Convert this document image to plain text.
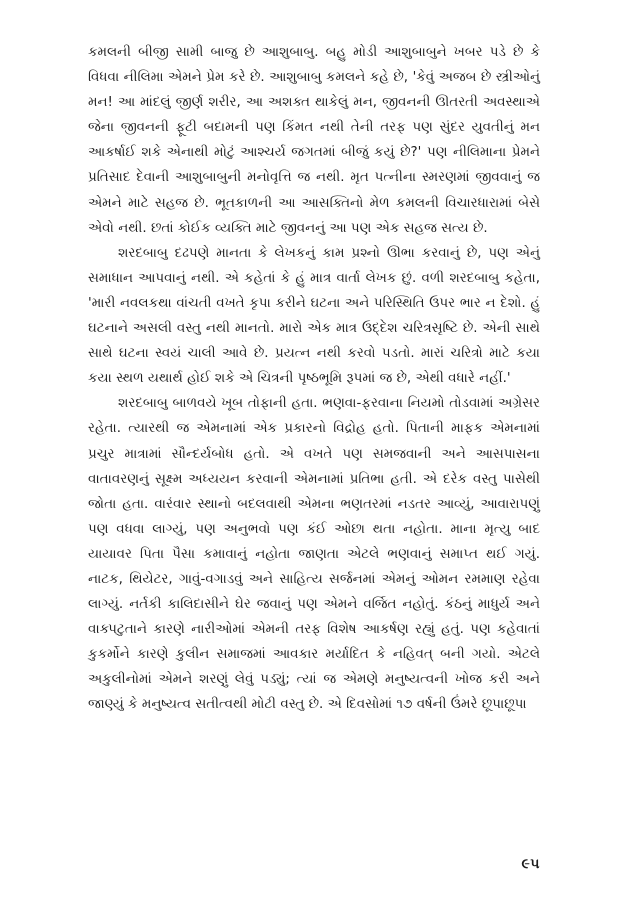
કમલની બીજી સામી બાજુ છે આશુબાબુ. બહુ મોડી આશુબાબુને ખબર પડે છે કે વિધવા નીલિમા એમને પ્રેમ કરે છે. આશુબાબુ કમલને કહે છે, 'કેવું અજબ છે સ્ત્રીઓનું મન! આ માંદલું જીર્ણ શરીર, આ અશક્ત થાકેલું મન, જીવનની ઊતરતી અવસ્થાએ જેના જીવનની ફૂટી બદામની પણ કિંમત નથી તેની તરફ પણ સુંદર યુવતીનું મન આકર્ષાઈ શકે એનાથી મોટું આશ્ચર્ય જગતમાં બીજું કયું છે?' પણ નીલિમાના પ્રેમને પ્રતિસાદ દેવાની આશુબાબુની મનોવૃત્તિ જ નથી. મૃત પત્નીના સ્મરણમાં જીવવાનું જ એમને માટે સહજ છે. ભૂતકાળની આ આસક્તિનો મેળ કમલની વિચારધારામાં બેસે એવો નથી. છતાં કોઈક વ્યક્તિ માટે જીવનનું આ પણ એક સહજ સત્ય છે.

શરદબાબુ દઢપણે માનતા કે લેખકનું કામ પ્રશ્નો ઊભા કરવાનું છે, પણ એનું સમાધાન આપવાનું નથી. એ કહેતાં કે હું માત્ર વાર્તા લેખક છું. વળી શરદબાબુ કહેતા, 'મારી નવલકથા વાંચતી વખતે કૃપા કરીને ઘટના અને પરિસ્થિતિ ઉપર ભાર ન દેશો. હું ઘટનાને અસલી વસ્તુ નથી માનતો. મારો એક માત્ર ઉદ્દેશ ચરિત્રસૃષ્ટિ છે. એની સાથે સાથે ઘટના સ્વયં ચાલી આવે છે. પ્રયત્ન નથી કરવો પડતો. મારાં ચરિત્રો માટે કયા કયા સ્થળ યથાર્થ હોઈ શકે એ ચિત્રની પૃષ્ઠભૂમિ રૂપમાં જ છે, એથી વધારે નહીં.'

શરદબાબુ બાળવયે ખૂબ તોફાની હતા. ભણવા-ફરવાના નિયમો તોડવામાં અગ્રેસર રહેતા. ત્યારથી જ એમનામાં એક પ્રકારનો વિદ્રોહ હતો. પિતાની માફક એમનામાં પ્રચુર માત્રામાં સૌન્દર્યબોધ હતો. એ વખતે પણ સમજવાની અને આસપાસના વાતાવરણનું સૂક્ષ્મ અધ્યયન કરવાની એમનામાં પ્રતિભા હતી. એ દરેક વસ્તુ પાસેથી જોતા હતા. વારંવાર સ્થાનો બદલવાથી એમના ભણતરમાં નડતર આવ્યું, આવારાપણું પણ વધવા લાગ્યું, પણ અનુભવો પણ કંઈ ઓછા થતા નહોતા. માના મૃત્યુ બાદ યાયાવર પિતા પૈસા કમાવાનું નહોતા જાણતા એટલે ભણવાનું સમાપ્ત થઈ ગયું. નાટક, થિયેટર, ગાવું-વગાડવું અને સાહિત્ય સર્જનમાં એમનું ઓમન રમમાણ રહેવા લાગ્યું. નર્તકી કાલિદાસીને ઘેર જવાનું પણ એમને વર્જિત નહોતું. કંઠનું માધુર્ય અને વાક્પટુતાને કારણે નારીઓમાં એમની તરફ વિશેષ આકર્ષણ રહ્યું હતું. પણ કહેવાતાં કુકર્મોને કારણે કુલીન સમાજમાં આવકાર મર્યાદિત કે નહિવત્ બની ગયો. એટલે અકુલીનોમાં એમને શરણું લેવું પડ્યું; ત્યાં જ એમણે મનુષ્યત્વની ખોજ કરી અને જાણ્યું કે મનુષ્યત્વ સતીત્વથી મોટી વસ્તુ છે. એ દિવસોમાં ૧૭ વર્ષની ઉંમરે છૂપાછૂપા

૯૫
